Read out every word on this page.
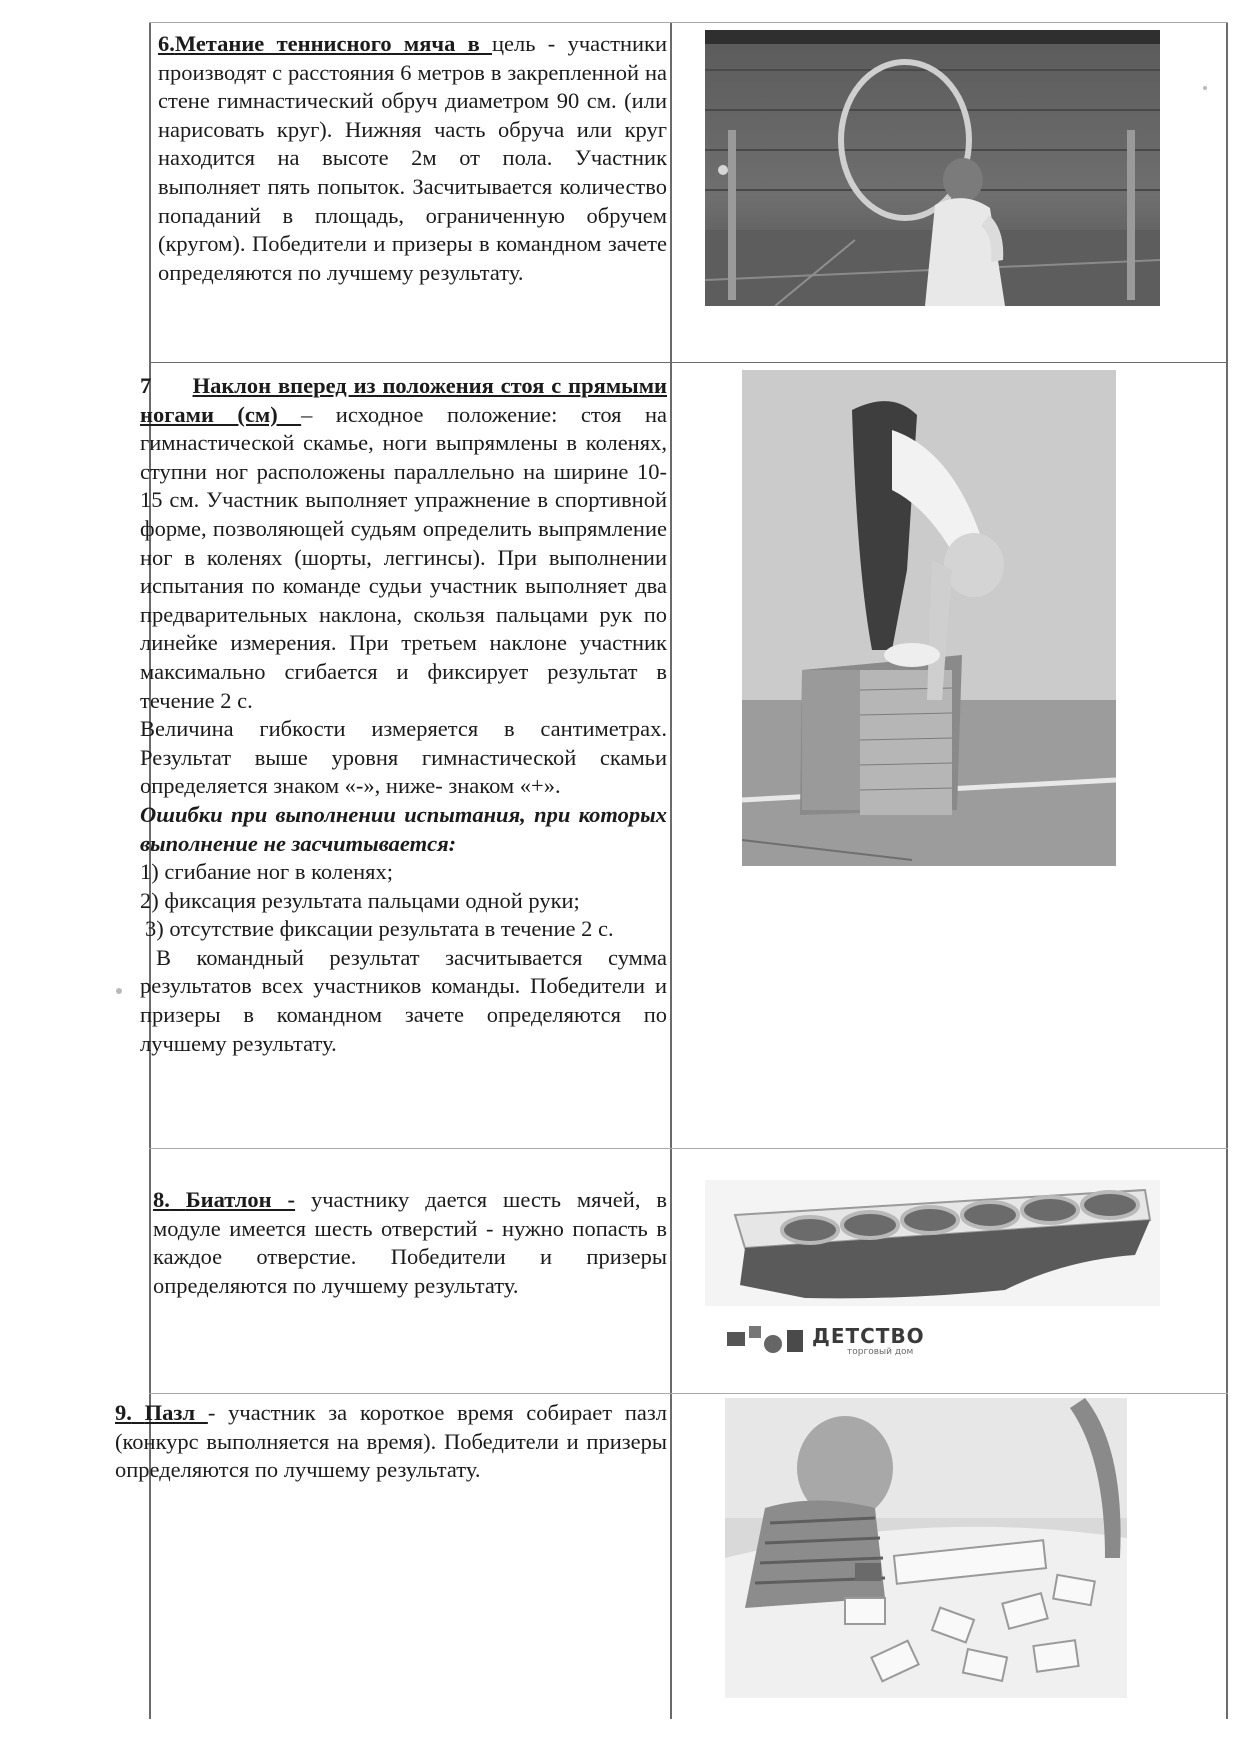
6.Метание теннисного мяча в цель - участники производят с расстояния 6 метров в закрепленной на стене гимнастический обруч диаметром 90 см. (или нарисовать круг). Нижняя часть обруча или круг находится на высоте 2м от пола. Участник выполняет пять попыток. Засчитывается количество попаданий в площадь, ограниченную обручем (кругом). Победители и призеры в командном зачете определяются по лучшему результату.

7 Наклон вперед из положения стоя с прямыми ногами (см) – исходное положение: стоя на гимнастической скамье, ноги выпрямлены в коленях, ступни ног расположены параллельно на ширине 10-15 см. Участник выполняет упражнение в спортивной форме, позволяющей судьям определить выпрямление ног в коленях (шорты, леггинсы). При выполнении испытания по команде судьи участник выполняет два предварительных наклона, скользя пальцами рук по линейке измерения. При третьем наклоне участник максимально сгибается и фиксирует результат в течение 2 с.

Величина гибкости измеряется в сантиметрах. Результат выше уровня гимнастической скамьи определяется знаком «-», ниже- знаком «+».

Ошибки при выполнении испытания, при которых выполнение не засчитывается:

1) сгибание ног в коленях;

2) фиксация результата пальцами одной руки;

3) отсутствие фиксации результата в течение 2 с.

В командный результат засчитывается сумма результатов всех участников команды. Победители и призеры в командном зачете определяются по лучшему результату.

8. Биатлон - участнику дается шесть мячей, в модуле имеется шесть отверстий - нужно попасть в каждое отверстие. Победители и призеры определяются по лучшему результату.

ДЕТСТВО
торговый дом

9. Пазл - участник за короткое время собирает пазл (конкурс выполняется на время). Победители и призеры определяются по лучшему результату.
